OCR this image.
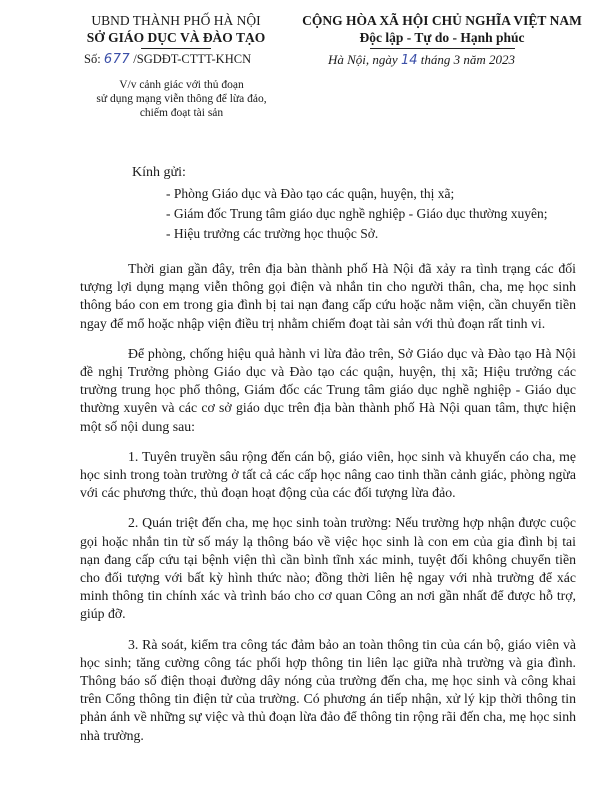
UBND THÀNH PHỐ HÀ NỘI
SỞ GIÁO DỤC VÀ ĐÀO TẠO
Số: 677 /SGDĐT-CTTT-KHCN
V/v cảnh giác với thủ đoạn
sử dụng mạng viễn thông để lừa đảo,
chiếm đoạt tài sản
CỘNG HÒA XÃ HỘI CHỦ NGHĨA VIỆT NAM
Độc lập - Tự do - Hạnh phúc
Hà Nội, ngày 14 tháng 3 năm 2023
Kính gửi:
- Phòng Giáo dục và Đào tạo các quận, huyện, thị xã;
- Giám đốc Trung tâm giáo dục nghề nghiệp - Giáo dục thường xuyên;
- Hiệu trưởng các trường học thuộc Sở.

Thời gian gần đây, trên địa bàn thành phố Hà Nội đã xảy ra tình trạng các đối tượng lợi dụng mạng viễn thông gọi điện và nhắn tin cho người thân, cha, mẹ học sinh thông báo con em trong gia đình bị tai nạn đang cấp cứu hoặc nằm viện, cần chuyển tiền ngay để mổ hoặc nhập viện điều trị nhằm chiếm đoạt tài sản với thủ đoạn rất tinh vi.

Để phòng, chống hiệu quả hành vi lừa đảo trên, Sở Giáo dục và Đào tạo Hà Nội đề nghị Trưởng phòng Giáo dục và Đào tạo các quận, huyện, thị xã; Hiệu trưởng các trường trung học phổ thông, Giám đốc các Trung tâm giáo dục nghề nghiệp - Giáo dục thường xuyên và các cơ sở giáo dục trên địa bàn thành phố Hà Nội quan tâm, thực hiện một số nội dung sau:

1. Tuyên truyền sâu rộng đến cán bộ, giáo viên, học sinh và khuyến cáo cha, mẹ học sinh trong toàn trường ở tất cả các cấp học nâng cao tinh thần cảnh giác, phòng ngừa với các phương thức, thủ đoạn hoạt động của các đối tượng lừa đảo.

2. Quán triệt đến cha, mẹ học sinh toàn trường: Nếu trường hợp nhận được cuộc gọi hoặc nhắn tin từ số máy lạ thông báo về việc học sinh là con em của gia đình bị tai nạn đang cấp cứu tại bệnh viện thì cần bình tĩnh xác minh, tuyệt đối không chuyển tiền cho đối tượng với bất kỳ hình thức nào; đồng thời liên hệ ngay với nhà trường để xác minh thông tin chính xác và trình báo cho cơ quan Công an nơi gần nhất để được hỗ trợ, giúp đỡ.

3. Rà soát, kiểm tra công tác đảm bảo an toàn thông tin của cán bộ, giáo viên và học sinh; tăng cường công tác phối hợp thông tin liên lạc giữa nhà trường và gia đình. Thông báo số điện thoại đường dây nóng của trường đến cha, mẹ học sinh và công khai trên Cổng thông tin điện tử của trường. Có phương án tiếp nhận, xử lý kịp thời thông tin phản ánh về những sự việc và thủ đoạn lừa đảo để thông tin rộng rãi đến cha, mẹ học sinh nhà trường.
